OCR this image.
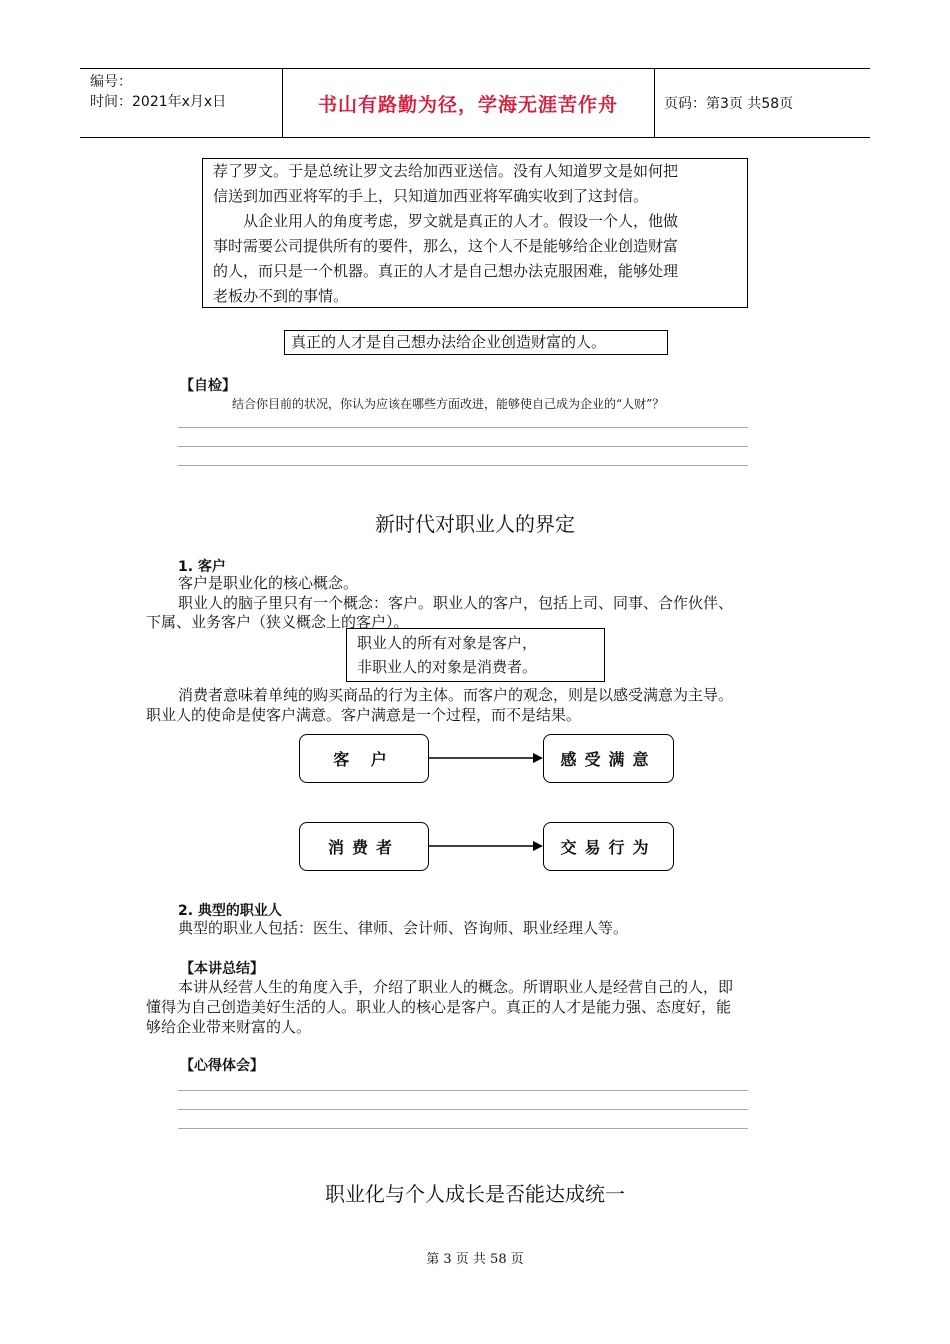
编号：
时间：2021年x月x日	书山有路勤为径，学海无涯苦作舟	页码：第3页 共58页
荐了罗文。于是总统让罗文去给加西亚送信。没有人知道罗文是如何把
信送到加西亚将军的手上，只知道加西亚将军确实收到了这封信。
从企业用人的角度考虑，罗文就是真正的人才。假设一个人，他做
事时需要公司提供所有的要件，那么，这个人不是能够给企业创造财富
的人，而只是一个机器。真正的人才是自己想办法克服困难，能够处理
老板办不到的事情。
真正的人才是自己想办法给企业创造财富的人。
【自检】
结合你目前的状况，你认为应该在哪些方面改进，能够使自己成为企业的“人财”？
新时代对职业人的界定
1. 客户
客户是职业化的核心概念。
职业人的脑子里只有一个概念：客户。职业人的客户，包括上司、同事、合作伙伴、
下属、业务客户（狭义概念上的客户）。
职业人的所有对象是客户，
非职业人的对象是消费者。
消费者意味着单纯的购买商品的行为主体。而客户的观念，则是以感受满意为主导。
职业人的使命是使客户满意。客户满意是一个过程，而不是结果。
客 户	感受满意
消费者	交易行为
2. 典型的职业人
典型的职业人包括：医生、律师、会计师、咨询师、职业经理人等。
【本讲总结】
本讲从经营人生的角度入手，介绍了职业人的概念。所谓职业人是经营自己的人，即
懂得为自己创造美好生活的人。职业人的核心是客户。真正的人才是能力强、态度好，能
够给企业带来财富的人。
【心得体会】
职业化与个人成长是否能达成统一
第 3 页 共 58 页
